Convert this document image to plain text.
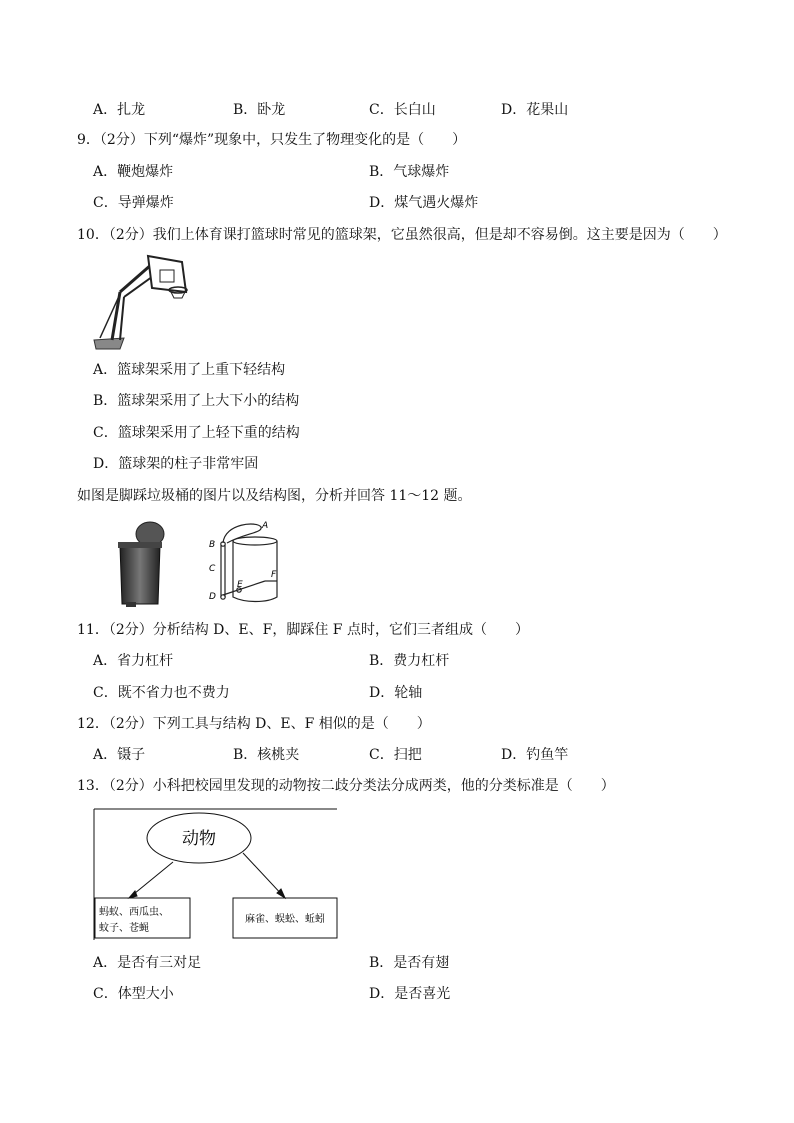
A．扎龙	B．卧龙	C．长白山	D．花果山
9．（2分）下列“爆炸”现象中，只发生了物理变化的是（　　）
A．鞭炮爆炸	B．气球爆炸
C．导弹爆炸	D．煤气遇火爆炸
10．（2分）我们上体育课打篮球时常见的篮球架，它虽然很高，但是却不容易倒。这主要是因为（　　）
A．篮球架采用了上重下轻结构
B．篮球架采用了上大下小的结构
C．篮球架采用了上轻下重的结构
D．篮球架的柱子非常牢固
如图是脚踩垃圾桶的图片以及结构图，分析并回答 11～12 题。
B
A
C
D
E
F
11．（2分）分析结构 D、E、F，脚踩住 F 点时，它们三者组成（　　）
A．省力杠杆	B．费力杠杆
C．既不省力也不费力	D．轮轴
12．（2分）下列工具与结构 D、E、F 相似的是（　　）
A．镊子	B．核桃夹	C．扫把	D．钓鱼竿
13．（2分）小科把校园里发现的动物按二歧分类法分成两类，他的分类标准是（　　）
动物
蚂蚁、西瓜虫、
蚊子、苍蝇
麻雀、蜈蚣、蚯蚓
A．是否有三对足	B．是否有翅
C．体型大小	D．是否喜光
